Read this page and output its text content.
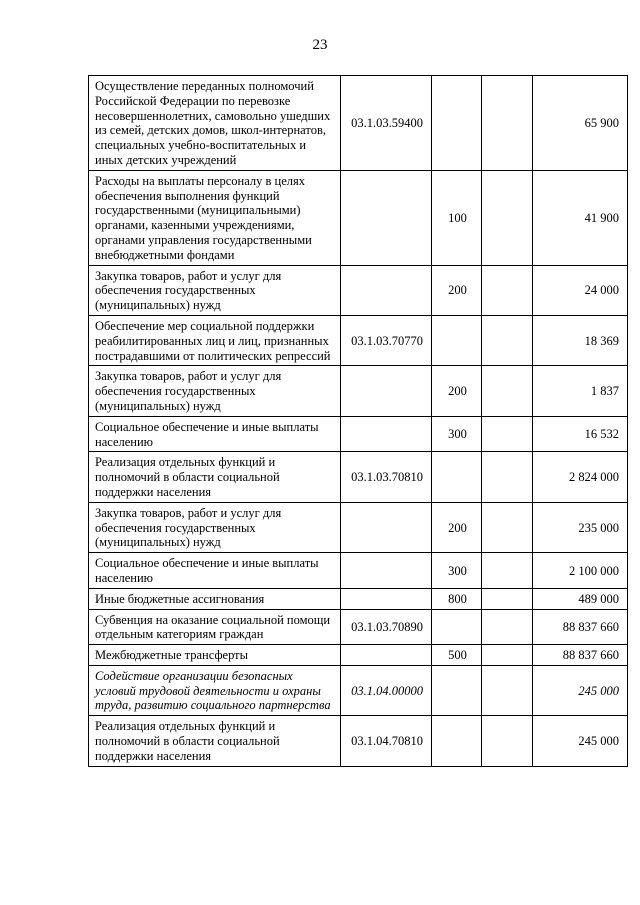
23
Осуществление переданных полномочий Российской Федерации по перевозке несовершеннолетних, самовольно ушедших из семей, детских домов, школ-интернатов, специальных учебно-воспитательных и иных детских учреждений	03.1.03.59400			65 900
Расходы на выплаты персоналу в целях обеспечения выполнения функций государственными (муниципальными) органами, казенными учреждениями, органами управления государственными внебюджетными фондами		100		41 900
Закупка товаров, работ и услуг для обеспечения государственных (муниципальных) нужд		200		24 000
Обеспечение мер социальной поддержки реабилитированных лиц и лиц, признанных пострадавшими от политических репрессий	03.1.03.70770			18 369
Закупка товаров, работ и услуг для обеспечения государственных (муниципальных) нужд		200		1 837
Социальное обеспечение и иные выплаты населению		300		16 532
Реализация отдельных функций и полномочий в области социальной поддержки населения	03.1.03.70810			2 824 000
Закупка товаров, работ и услуг для обеспечения государственных (муниципальных) нужд		200		235 000
Социальное обеспечение и иные выплаты населению		300		2 100 000
Иные бюджетные ассигнования		800		489 000
Субвенция на оказание социальной помощи отдельным категориям граждан	03.1.03.70890			88 837 660
Межбюджетные трансферты		500		88 837 660
Содействие организации безопасных условий трудовой деятельности и охраны труда, развитию социального партнерства	03.1.04.00000			245 000
Реализация отдельных функций и полномочий в области социальной поддержки населения	03.1.04.70810			245 000
